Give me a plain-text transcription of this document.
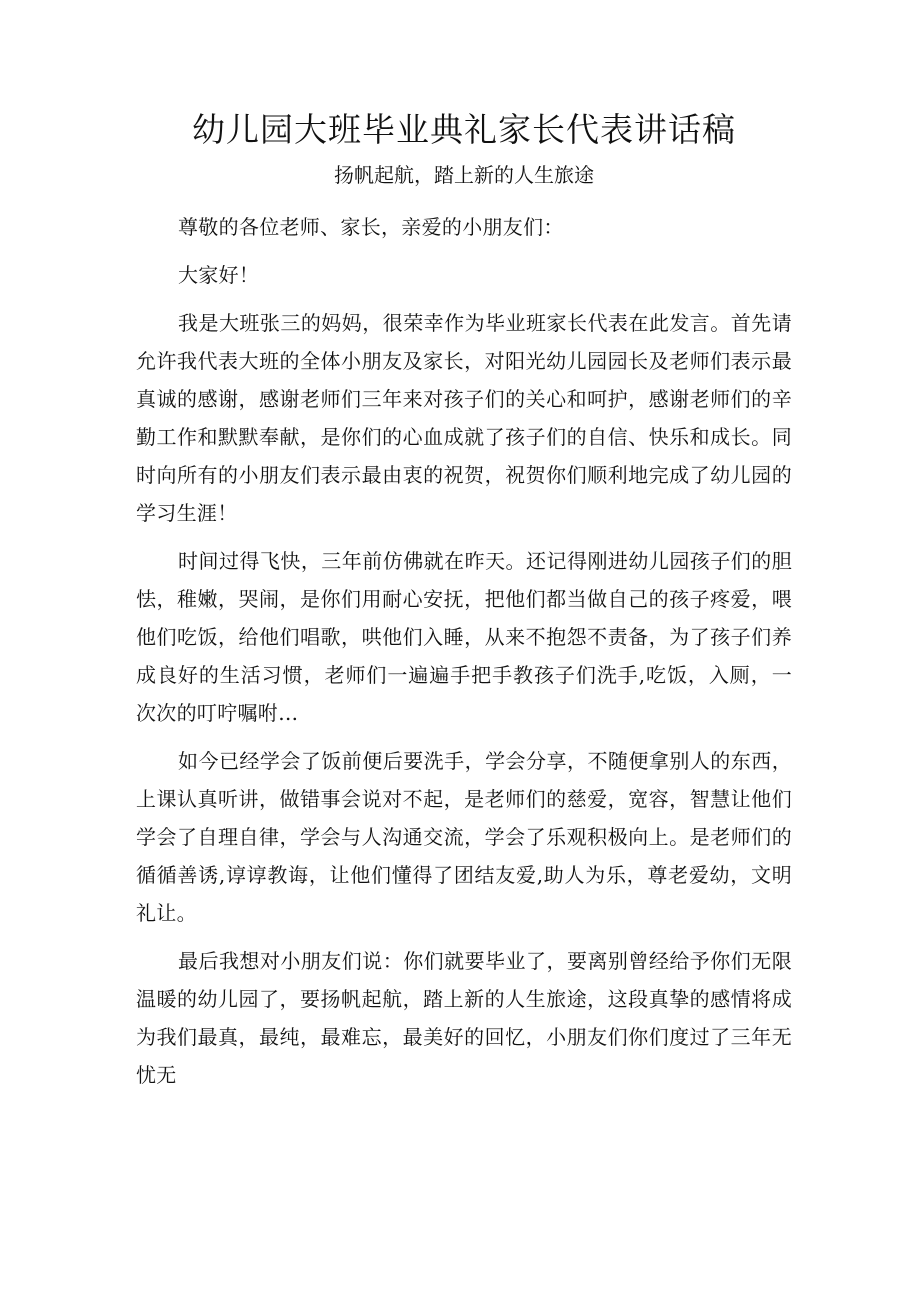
幼儿园大班毕业典礼家长代表讲话稿
扬帆起航，踏上新的人生旅途

尊敬的各位老师、家长，亲爱的小朋友们：

大家好！

我是大班张三的妈妈，很荣幸作为毕业班家长代表在此发言。首先请允许我代表大班的全体小朋友及家长，对阳光幼儿园园长及老师们表示最真诚的感谢，感谢老师们三年来对孩子们的关心和呵护，感谢老师们的辛勤工作和默默奉献，是你们的心血成就了孩子们的自信、快乐和成长。同时向所有的小朋友们表示最由衷的祝贺，祝贺你们顺利地完成了幼儿园的学习生涯！

时间过得飞快，三年前仿佛就在昨天。还记得刚进幼儿园孩子们的胆怯，稚嫩，哭闹，是你们用耐心安抚，把他们都当做自己的孩子疼爱，喂他们吃饭，给他们唱歌，哄他们入睡，从来不抱怨不责备，为了孩子们养成良好的生活习惯，老师们一遍遍手把手教孩子们洗手,吃饭，入厕，一次次的叮咛嘱咐…

如今已经学会了饭前便后要洗手，学会分享，不随便拿别人的东西，上课认真听讲，做错事会说对不起，是老师们的慈爱，宽容，智慧让他们学会了自理自律，学会与人沟通交流，学会了乐观积极向上。是老师们的循循善诱,谆谆教诲，让他们懂得了团结友爱,助人为乐，尊老爱幼，文明礼让。

最后我想对小朋友们说：你们就要毕业了，要离别曾经给予你们无限温暖的幼儿园了，要扬帆起航，踏上新的人生旅途，这段真挚的感情将成为我们最真，最纯，最难忘，最美好的回忆，小朋友们你们度过了三年无忧无
